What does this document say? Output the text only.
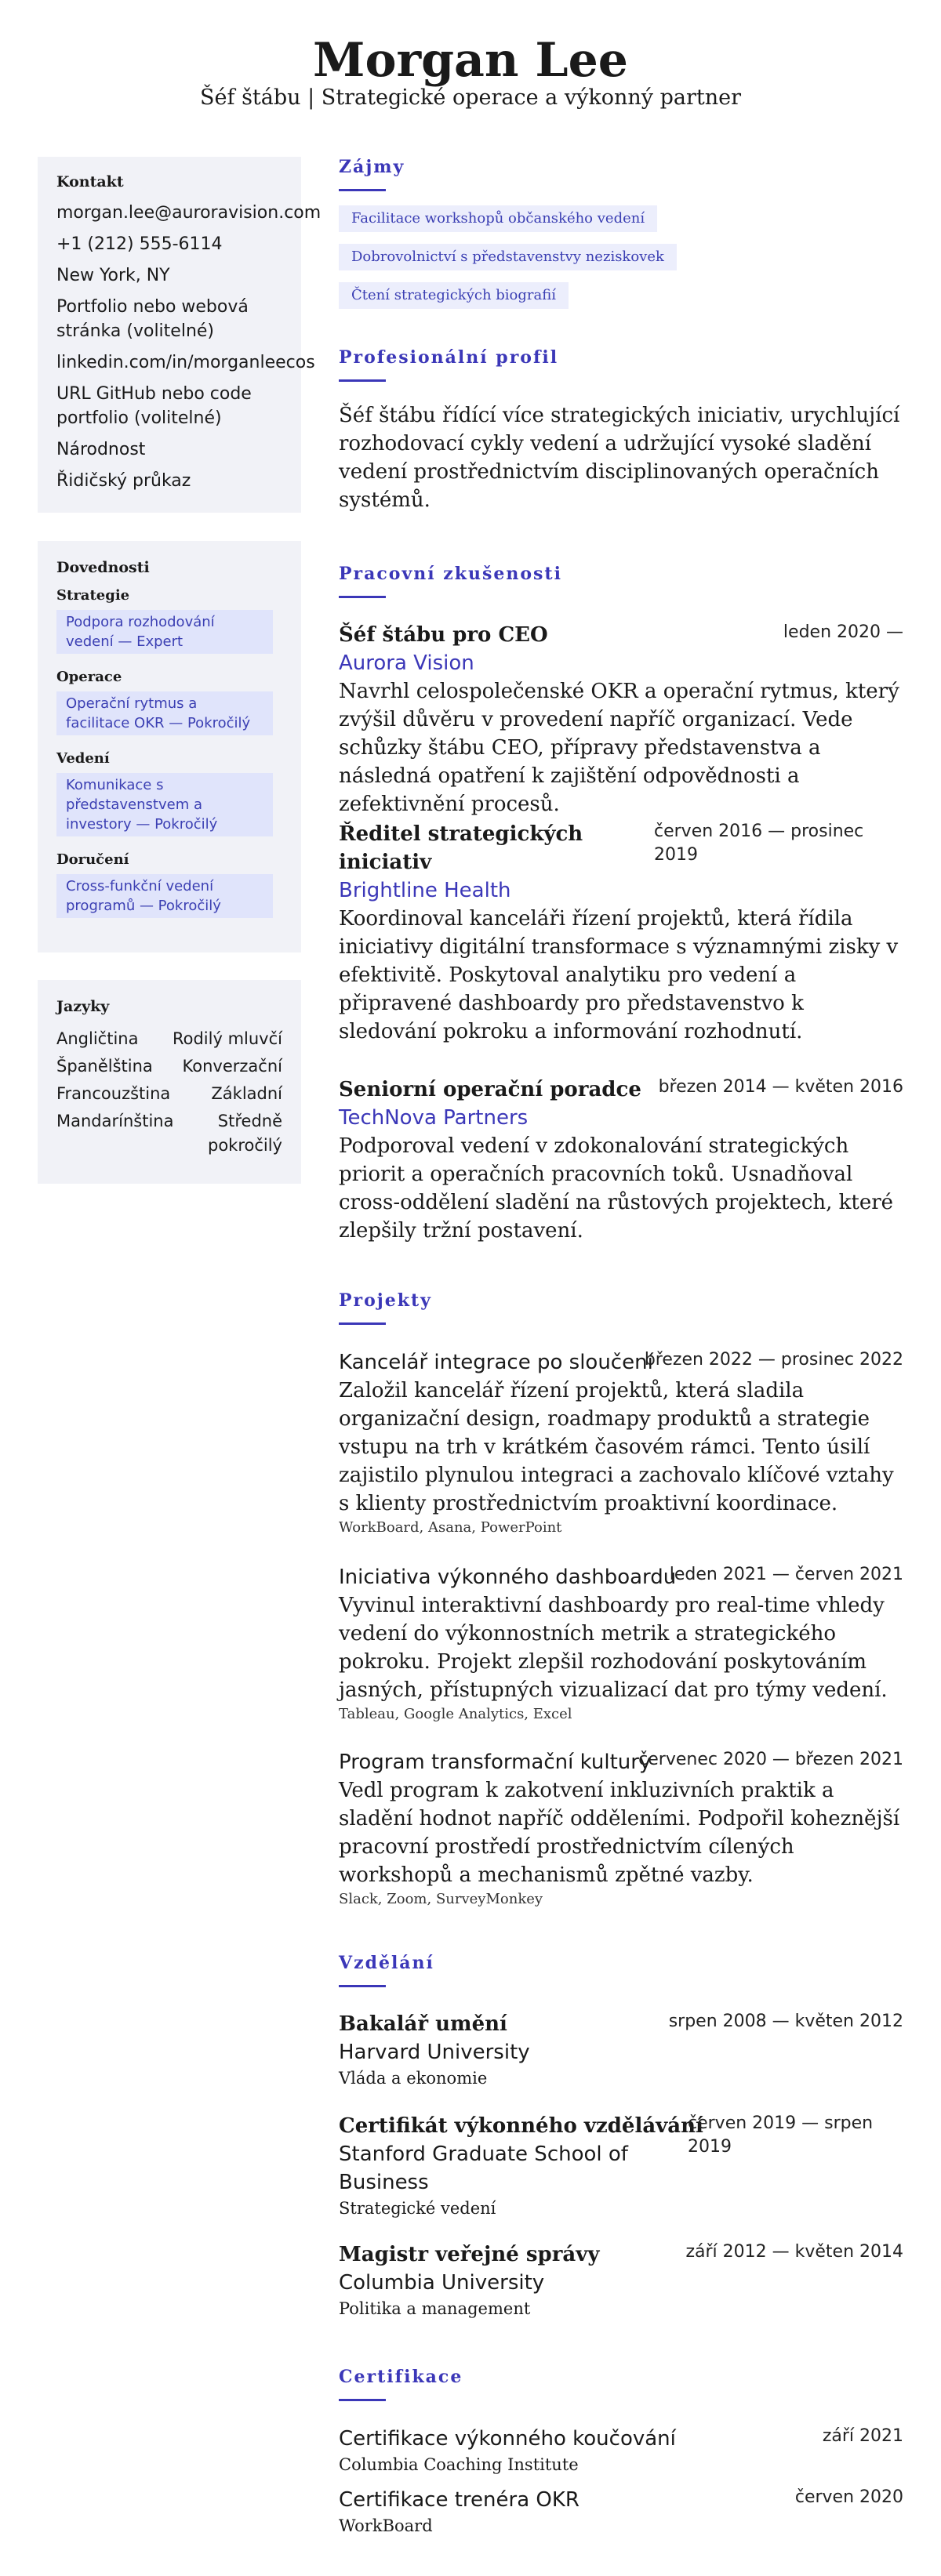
Morgan Lee
Šéf štábu | Strategické operace a výkonný partner
Kontakt
morgan.lee@auroravision.com
+1 (212) 555-6114
New York, NY
Portfolio nebo webová stránka (volitelné)
linkedin.com/in/morganleecos
URL GitHub nebo code portfolio (volitelné)
Národnost
Řidičský průkaz
Dovednosti
Strategie
Podpora rozhodování vedení — Expert
Operace
Operační rytmus a facilitace OKR — Pokročilý
Vedení
Komunikace s představenstvem a investory — Pokročilý
Doručení
Cross-funkční vedení programů — Pokročilý
Jazyky
Angličtina Rodilý mluvčí
Španělština Konverzační
Francouzština Základní
Mandarínština	Středně pokročilý
Zájmy
Facilitace workshopů občanského vedení
Dobrovolnictví s představenstvy neziskovek
Čtení strategických biografií
Profesionální profil
Šéf štábu řídící více strategických iniciativ, urychlující rozhodovací cykly vedení a udržující vysoké sladění vedení prostřednictvím disciplinovaných operačních systémů.
Pracovní zkušenosti
Šéf štábu pro CEO	leden 2020 —
Aurora Vision
Navrhl celospolečenské OKR a operační rytmus, který zvýšil důvěru v provedení napříč organizací. Vede schůzky štábu CEO, přípravy představenstva a následná opatření k zajištění odpovědnosti a zefektivnění procesů.
Ředitel strategických iniciativ
červen 2016 — prosinec 2019
Brightline Health
Koordinoval kanceláři řízení projektů, která řídila iniciativy digitální transformace s významnými zisky v efektivitě. Poskytoval analytiku pro vedení a připravené dashboardy pro představenstvo k sledování pokroku a informování rozhodnutí.
Seniorní operační poradce březen 2014 — květen 2016
TechNova Partners
Podporoval vedení v zdokonalování strategických priorit a operačních pracovních toků. Usnadňoval cross-oddělení sladění na růstových projektech, které zlepšily tržní postavení.
Projekty
Kancelář integrace po sloučení
březen 2022 — prosinec 2022
Založil kancelář řízení projektů, která sladila organizační design, roadmapy produktů a strategie vstupu na trh v krátkém časovém rámci. Tento úsilí zajistilo plynulou integraci a zachovalo klíčové vztahy s klienty prostřednictvím proaktivní koordinace.
WorkBoard, Asana, PowerPoint
Iniciativa výkonného dashboardu
leden 2021 — červen 2021
Vyvinul interaktivní dashboardy pro real-time vhledy vedení do výkonnostních metrik a strategického pokroku. Projekt zlepšil rozhodování poskytováním jasných, přístupných vizualizací dat pro týmy vedení.
Tableau, Google Analytics, Excel
Program transformační kultury
červenec 2020 — březen 2021
Vedl program k zakotvení inkluzivních praktik a sladění hodnot napříč odděleními. Podpořil koheznější pracovní prostředí prostřednictvím cílených workshopů a mechanismů zpětné vazby.
Slack, Zoom, SurveyMonkey
Vzdělání
Bakalář umění	srpen 2008 — květen 2012
Harvard University
Vláda a ekonomie
Certifikát výkonného vzdělávání
červen 2019 — srpen 2019
Stanford Graduate School of Business
Strategické vedení
Magistr veřejné správy	září 2012 — květen 2014
Columbia University
Politika a management
Certifikace
Certifikace výkonného koučování	září 2021
Columbia Coaching Institute
Certifikace trenéra OKR	červen 2020
WorkBoard
